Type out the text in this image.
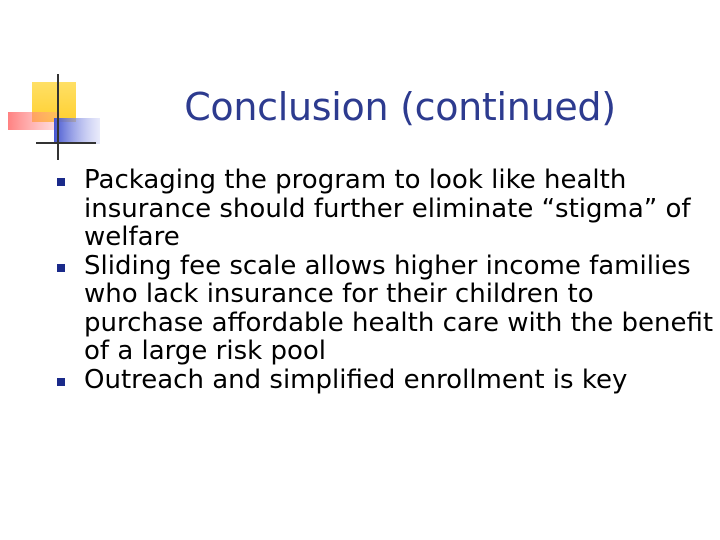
Conclusion (continued)
Packaging the program to look like health insurance should further eliminate “stigma” of welfare
Sliding fee scale allows higher income families who lack insurance for their children to purchase affordable health care with the benefit of a large risk pool
Outreach and simplified enrollment is key
